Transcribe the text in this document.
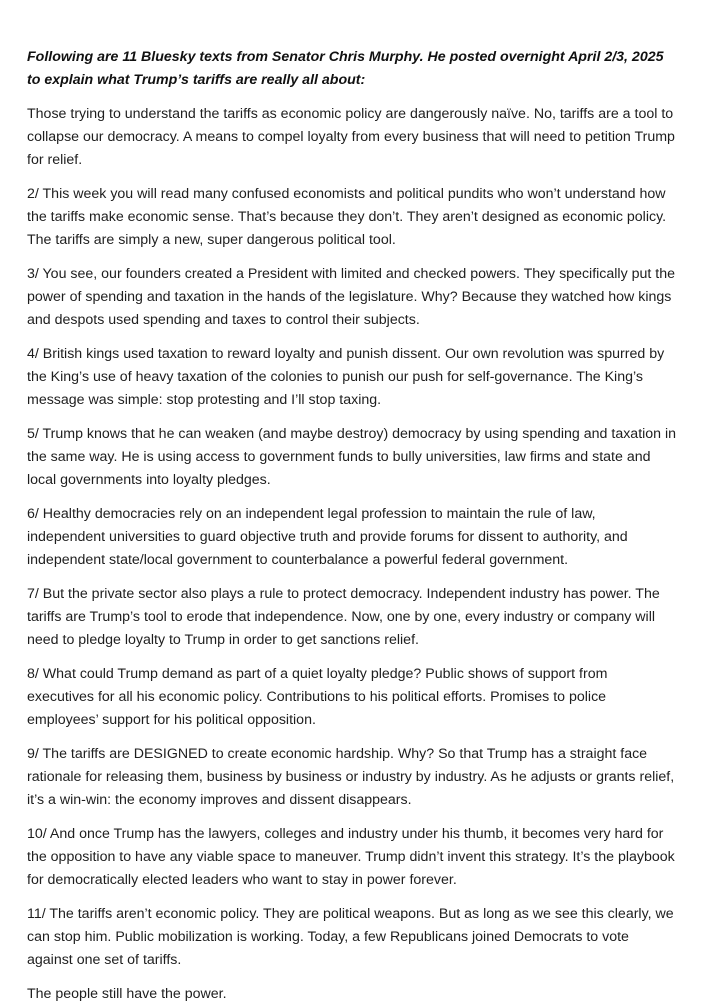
Following are 11 Bluesky texts from Senator Chris Murphy. He posted overnight April 2/3, 2025 to explain what Trump’s tariffs are really all about:

Those trying to understand the tariffs as economic policy are dangerously naïve. No, tariffs are a tool to collapse our democracy. A means to compel loyalty from every business that will need to petition Trump for relief.

2/ This week you will read many confused economists and political pundits who won’t understand how the tariffs make economic sense. That’s because they don’t. They aren’t designed as economic policy. The tariffs are simply a new, super dangerous political tool.

3/ You see, our founders created a President with limited and checked powers. They specifically put the power of spending and taxation in the hands of the legislature. Why? Because they watched how kings and despots used spending and taxes to control their subjects.

4/ British kings used taxation to reward loyalty and punish dissent. Our own revolution was spurred by the King’s use of heavy taxation of the colonies to punish our push for self-governance. The King’s message was simple: stop protesting and I’ll stop taxing.

5/ Trump knows that he can weaken (and maybe destroy) democracy by using spending and taxation in the same way. He is using access to government funds to bully universities, law firms and state and local governments into loyalty pledges.

6/ Healthy democracies rely on an independent legal profession to maintain the rule of law, independent universities to guard objective truth and provide forums for dissent to authority, and independent state/local government to counterbalance a powerful federal government.

7/ But the private sector also plays a rule to protect democracy. Independent industry has power. The tariffs are Trump’s tool to erode that independence. Now, one by one, every industry or company will need to pledge loyalty to Trump in order to get sanctions relief.

8/ What could Trump demand as part of a quiet loyalty pledge? Public shows of support from executives for all his economic policy. Contributions to his political efforts. Promises to police employees’ support for his political opposition.

9/ The tariffs are DESIGNED to create economic hardship. Why? So that Trump has a straight face rationale for releasing them, business by business or industry by industry. As he adjusts or grants relief, it’s a win-win: the economy improves and dissent disappears.

10/ And once Trump has the lawyers, colleges and industry under his thumb, it becomes very hard for the opposition to have any viable space to maneuver. Trump didn’t invent this strategy. It’s the playbook for democratically elected leaders who want to stay in power forever.

11/ The tariffs aren’t economic policy. They are political weapons. But as long as we see this clearly, we can stop him. Public mobilization is working. Today, a few Republicans joined Democrats to vote against one set of tariffs.

The people still have the power.
